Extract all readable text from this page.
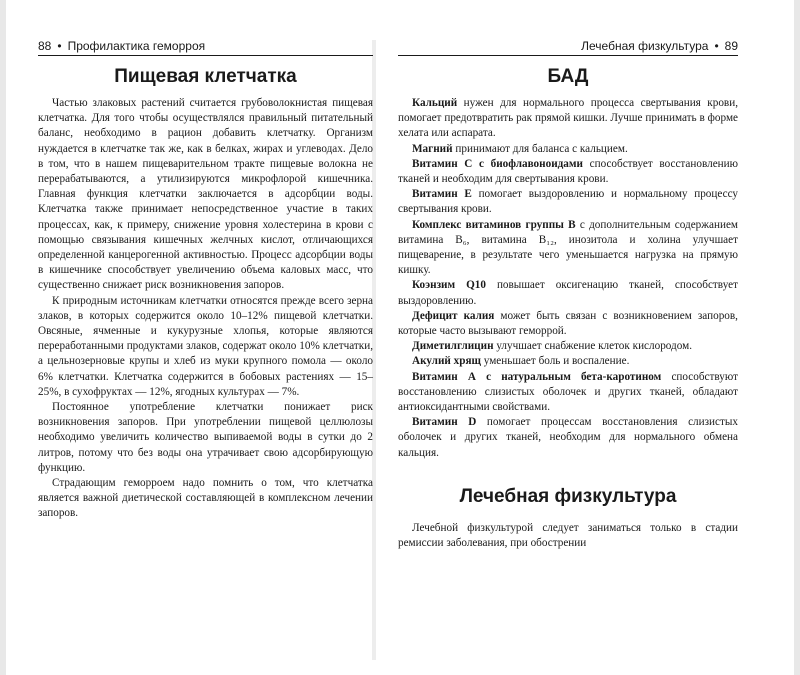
88 • Профилактика геморроя
Пищевая клетчатка

Частью злаковых растений считается грубоволокнистая пищевая клетчатка. Для того чтобы осуществлялся правильный питательный баланс, необходимо в рацион добавить клетчатку. Организм нуждается в клетчатке так же, как в белках, жирах и углеводах. Дело в том, что в нашем пищеварительном тракте пищевые волокна не перерабатываются, а утилизируются микрофлорой кишечника. Главная функция клетчатки заключается в адсорбции воды. Клетчатка также принимает непосредственное участие в таких процессах, как, к примеру, снижение уровня холестерина в крови с помощью связывания кишечных желчных кислот, отличающихся определенной канцерогенной активностью. Процесс адсорбции воды в кишечнике способствует увеличению объема каловых масс, что существенно снижает риск возникновения запоров.

К природным источникам клетчатки относятся прежде всего зерна злаков, в которых содержится около 10–12% пищевой клетчатки. Овсяные, ячменные и кукурузные хлопья, которые являются переработанными продуктами злаков, содержат около 10% клетчатки, а цельнозерновые крупы и хлеб из муки крупного помола — около 6% клетчатки. Клетчатка содержится в бобовых растениях — 15–25%, в сухофруктах — 12%, ягодных культурах — 7%.

Постоянное употребление клетчатки понижает риск возникновения запоров. При употреблении пищевой целлюлозы необходимо увеличить количество выпиваемой воды в сутки до 2 литров, потому что без воды она утрачивает свою адсорбирующую функцию.

Страдающим геморроем надо помнить о том, что клетчатка является важной диетической составляющей в комплексном лечении запоров.

Лечебная физкультура • 89
БАД

Кальций нужен для нормального процесса свертывания крови, помогает предотвратить рак прямой кишки. Лучше принимать в форме хелата или аспарата.

Магний принимают для баланса с кальцием.

Витамин С с биофлавоноидами способствует восстановлению тканей и необходим для свертывания крови.

Витамин Е помогает выздоровлению и нормальному процессу свертывания крови.

Комплекс витаминов группы В с дополнительным содержанием витамина B₆, витамина B₁₂, инозитола и холина улучшает пищеварение, в результате чего уменьшается нагрузка на прямую кишку.

Коэнзим Q10 повышает оксигенацию тканей, способствует выздоровлению.

Дефицит калия может быть связан с возникновением запоров, которые часто вызывают геморрой.

Диметилглицин улучшает снабжение клеток кислородом.

Акулий хрящ уменьшает боль и воспаление.

Витамин А с натуральным бета-каротином способствуют восстановлению слизистых оболочек и других тканей, обладают антиоксидантными свойствами.

Витамин D помогает процессам восстановления слизистых оболочек и других тканей, необходим для нормального обмена кальция.

Лечебная физкультура

Лечебной физкультурой следует заниматься только в стадии ремиссии заболевания, при обострении
